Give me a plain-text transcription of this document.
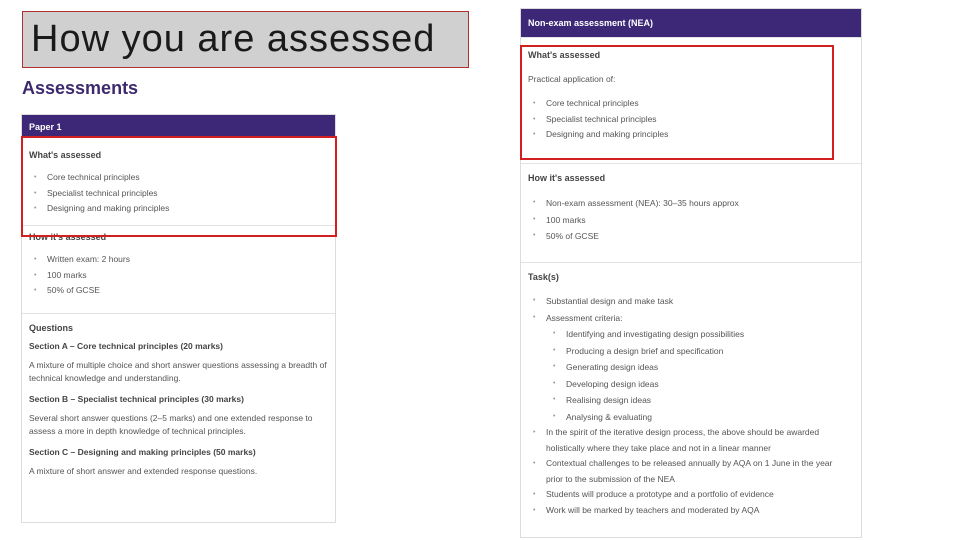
How you are assessed
Assessments
Paper 1
What's assessed
• Core technical principles
• Specialist technical principles
• Designing and making principles
How it's assessed
• Written exam: 2 hours
• 100 marks
• 50% of GCSE
Questions
Section A – Core technical principles (20 marks)
A mixture of multiple choice and short answer questions assessing a breadth of technical knowledge and understanding.
Section B – Specialist technical principles (30 marks)
Several short answer questions (2–5 marks) and one extended response to assess a more in depth knowledge of technical principles.
Section C – Designing and making principles (50 marks)
A mixture of short answer and extended response questions.
Non-exam assessment (NEA)
What's assessed
Practical application of:
• Core technical principles
• Specialist technical principles
• Designing and making principles
How it's assessed
• Non-exam assessment (NEA): 30–35 hours approx
• 100 marks
• 50% of GCSE
Task(s)
• Substantial design and make task
• Assessment criteria:
• Identifying and investigating design possibilities
• Producing a design brief and specification
• Generating design ideas
• Developing design ideas
• Realising design ideas
• Analysing & evaluating
• In the spirit of the iterative design process, the above should be awarded holistically where they take place and not in a linear manner
• Contextual challenges to be released annually by AQA on 1 June in the year prior to the submission of the NEA
• Students will produce a prototype and a portfolio of evidence
• Work will be marked by teachers and moderated by AQA
